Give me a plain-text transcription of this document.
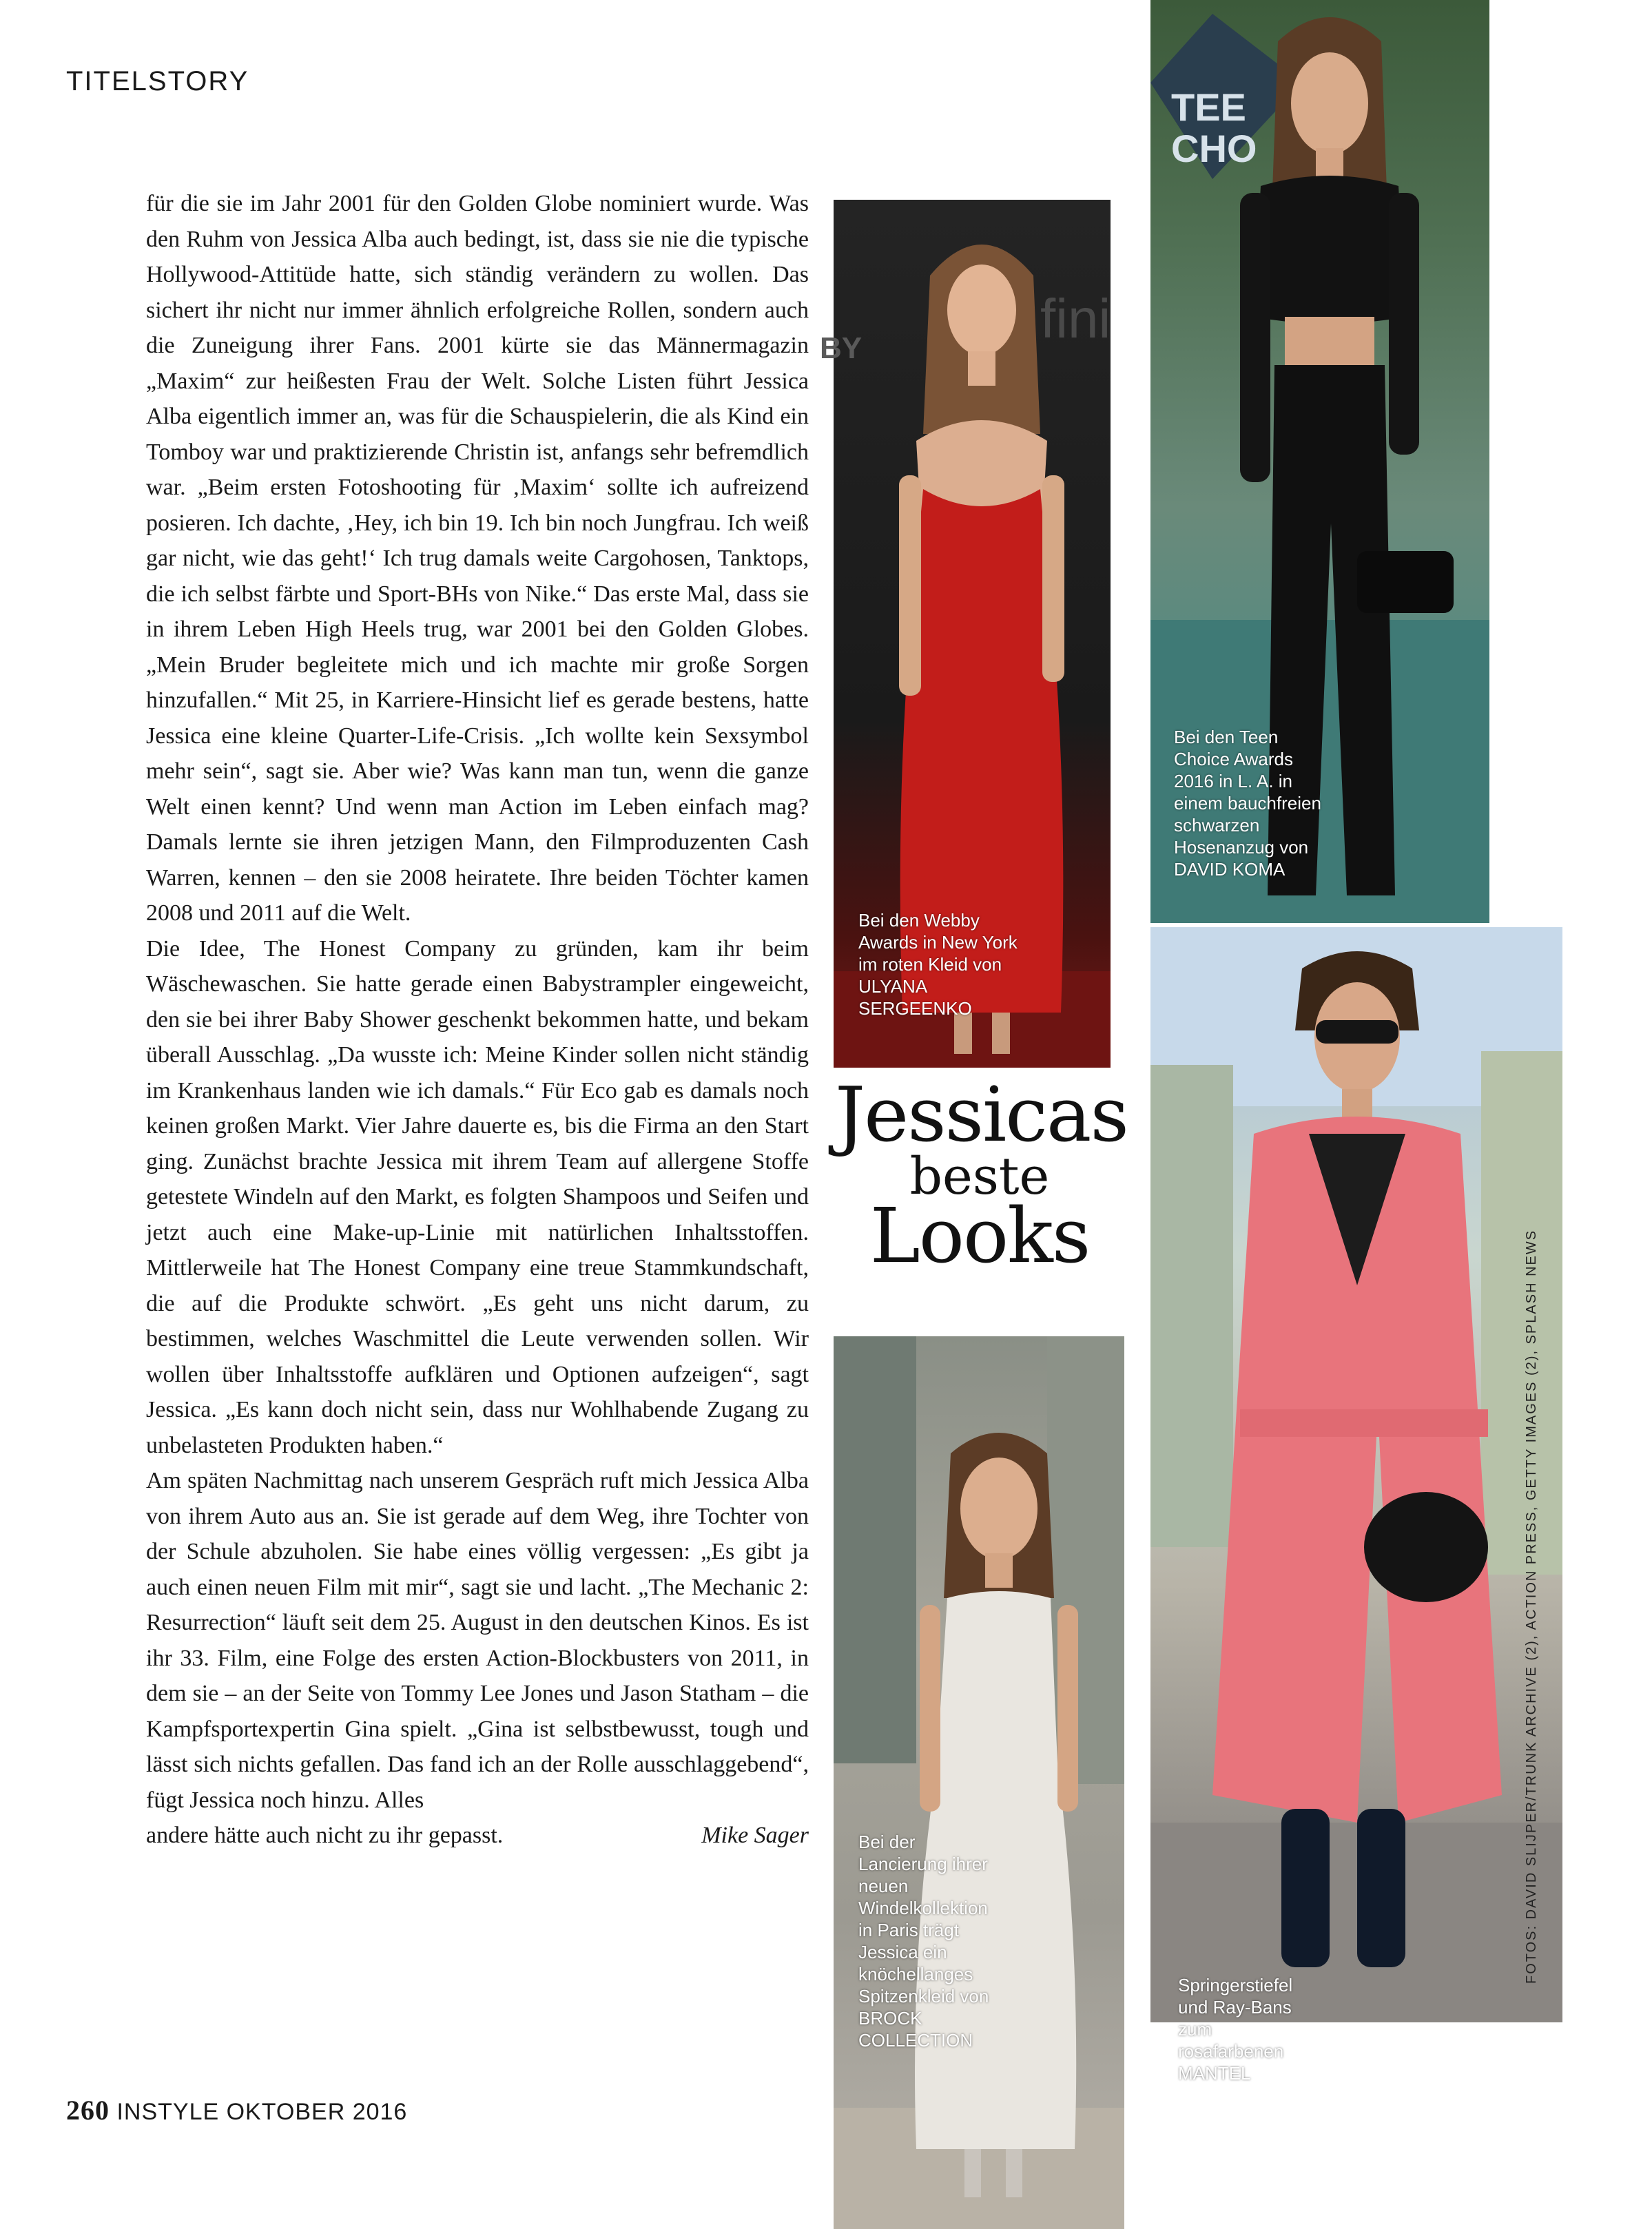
TITELSTORY

für die sie im Jahr 2001 für den Golden Globe nominiert wurde. Was den Ruhm von Jessica Alba auch bedingt, ist, dass sie nie die typische Hollywood-Attitüde hatte, sich ständig verändern zu wollen. Das sichert ihr nicht nur immer ähnlich erfolgreiche Rollen, sondern auch die Zuneigung ihrer Fans. 2001 kürte sie das Männermagazin „Maxim“ zur heißesten Frau der Welt. Solche Listen führt Jessica Alba eigentlich immer an, was für die Schauspielerin, die als Kind ein Tomboy war und praktizierende Christin ist, anfangs sehr befremdlich war. „Beim ersten Fotoshooting für ‚Maxim‘ sollte ich aufreizend posieren. Ich dachte, ‚Hey, ich bin 19. Ich bin noch Jungfrau. Ich weiß gar nicht, wie das geht!‘ Ich trug damals weite Cargohosen, Tanktops, die ich selbst färbte und Sport-BHs von Nike.“ Das erste Mal, dass sie in ihrem Leben High Heels trug, war 2001 bei den Golden Globes. „Mein Bruder begleitete mich und ich machte mir große Sorgen hinzufallen.“ Mit 25, in Karriere-Hinsicht lief es gerade bestens, hatte Jessica eine kleine Quarter-Life-Crisis. „Ich wollte kein Sexsymbol mehr sein“, sagt sie. Aber wie? Was kann man tun, wenn die ganze Welt einen kennt? Und wenn man Action im Leben einfach mag? Damals lernte sie ihren jetzigen Mann, den Filmproduzenten Cash Warren, kennen – den sie 2008 heiratete. Ihre beiden Töchter kamen 2008 und 2011 auf die Welt.

Die Idee, The Honest Company zu gründen, kam ihr beim Wäschewaschen. Sie hatte gerade einen Babystrampler eingeweicht, den sie bei ihrer Baby Shower geschenkt bekommen hatte, und bekam überall Ausschlag. „Da wusste ich: Meine Kinder sollen nicht ständig im Krankenhaus landen wie ich damals.“ Für Eco gab es damals noch keinen großen Markt. Vier Jahre dauerte es, bis die Firma an den Start ging. Zunächst brachte Jessica mit ihrem Team auf allergene Stoffe getestete Windeln auf den Markt, es folgten Shampoos und Seifen und jetzt auch eine Make-up-Linie mit natürlichen Inhaltsstoffen. Mittlerweile hat The Honest Company eine treue Stammkundschaft, die auf die Produkte schwört. „Es geht uns nicht darum, zu bestimmen, welches Waschmittel die Leute verwenden sollen. Wir wollen über Inhaltsstoffe aufklären und Optionen aufzeigen“, sagt Jessica. „Es kann doch nicht sein, dass nur Wohlhabende Zugang zu unbelasteten Produkten haben.“

Am späten Nachmittag nach unserem Gespräch ruft mich Jessica Alba von ihrem Auto aus an. Sie ist gerade auf dem Weg, ihre Tochter von der Schule abzuholen. Sie habe eines völlig vergessen: „Es gibt ja auch einen neuen Film mit mir“, sagt sie und lacht. „The Mechanic 2: Resurrection“ läuft seit dem 25. August in den deutschen Kinos. Es ist ihr 33. Film, eine Folge des ersten Action-Blockbusters von 2011, in dem sie – an der Seite von Tommy Lee Jones und Jason Statham – die Kampfsportexpertin Gina spielt. „Gina ist selbstbewusst, tough und lässt sich nichts gefallen. Das fand ich an der Rolle ausschlaggebend“, fügt Jessica noch hinzu. Alles

andere hätte auch nicht zu ihr gepasst.	Mike Sager
BY	fini
Bei den Webby Awards in New York im roten Kleid von ULYANA SERGEENKO
TEE
CHO
Bei den Teen Choice Awards 2016 in L. A. in einem bauchfreien schwarzen Hosenanzug von DAVID KOMA
Springerstiefel und Ray-Bans zum rosafarbenen MANTEL
Bei der Lancierung ihrer neuen Windelkollektion in Paris trägt Jessica ein knöchellanges Spitzenkleid von BROCK COLLECTION
Jessicas
beste
Looks	FOTOS: DAVID SLIJPER/TRUNK ARCHIVE (2), ACTION PRESS, GETTY IMAGES (2), SPLASH NEWS
260 INSTYLE OKTOBER 2016
